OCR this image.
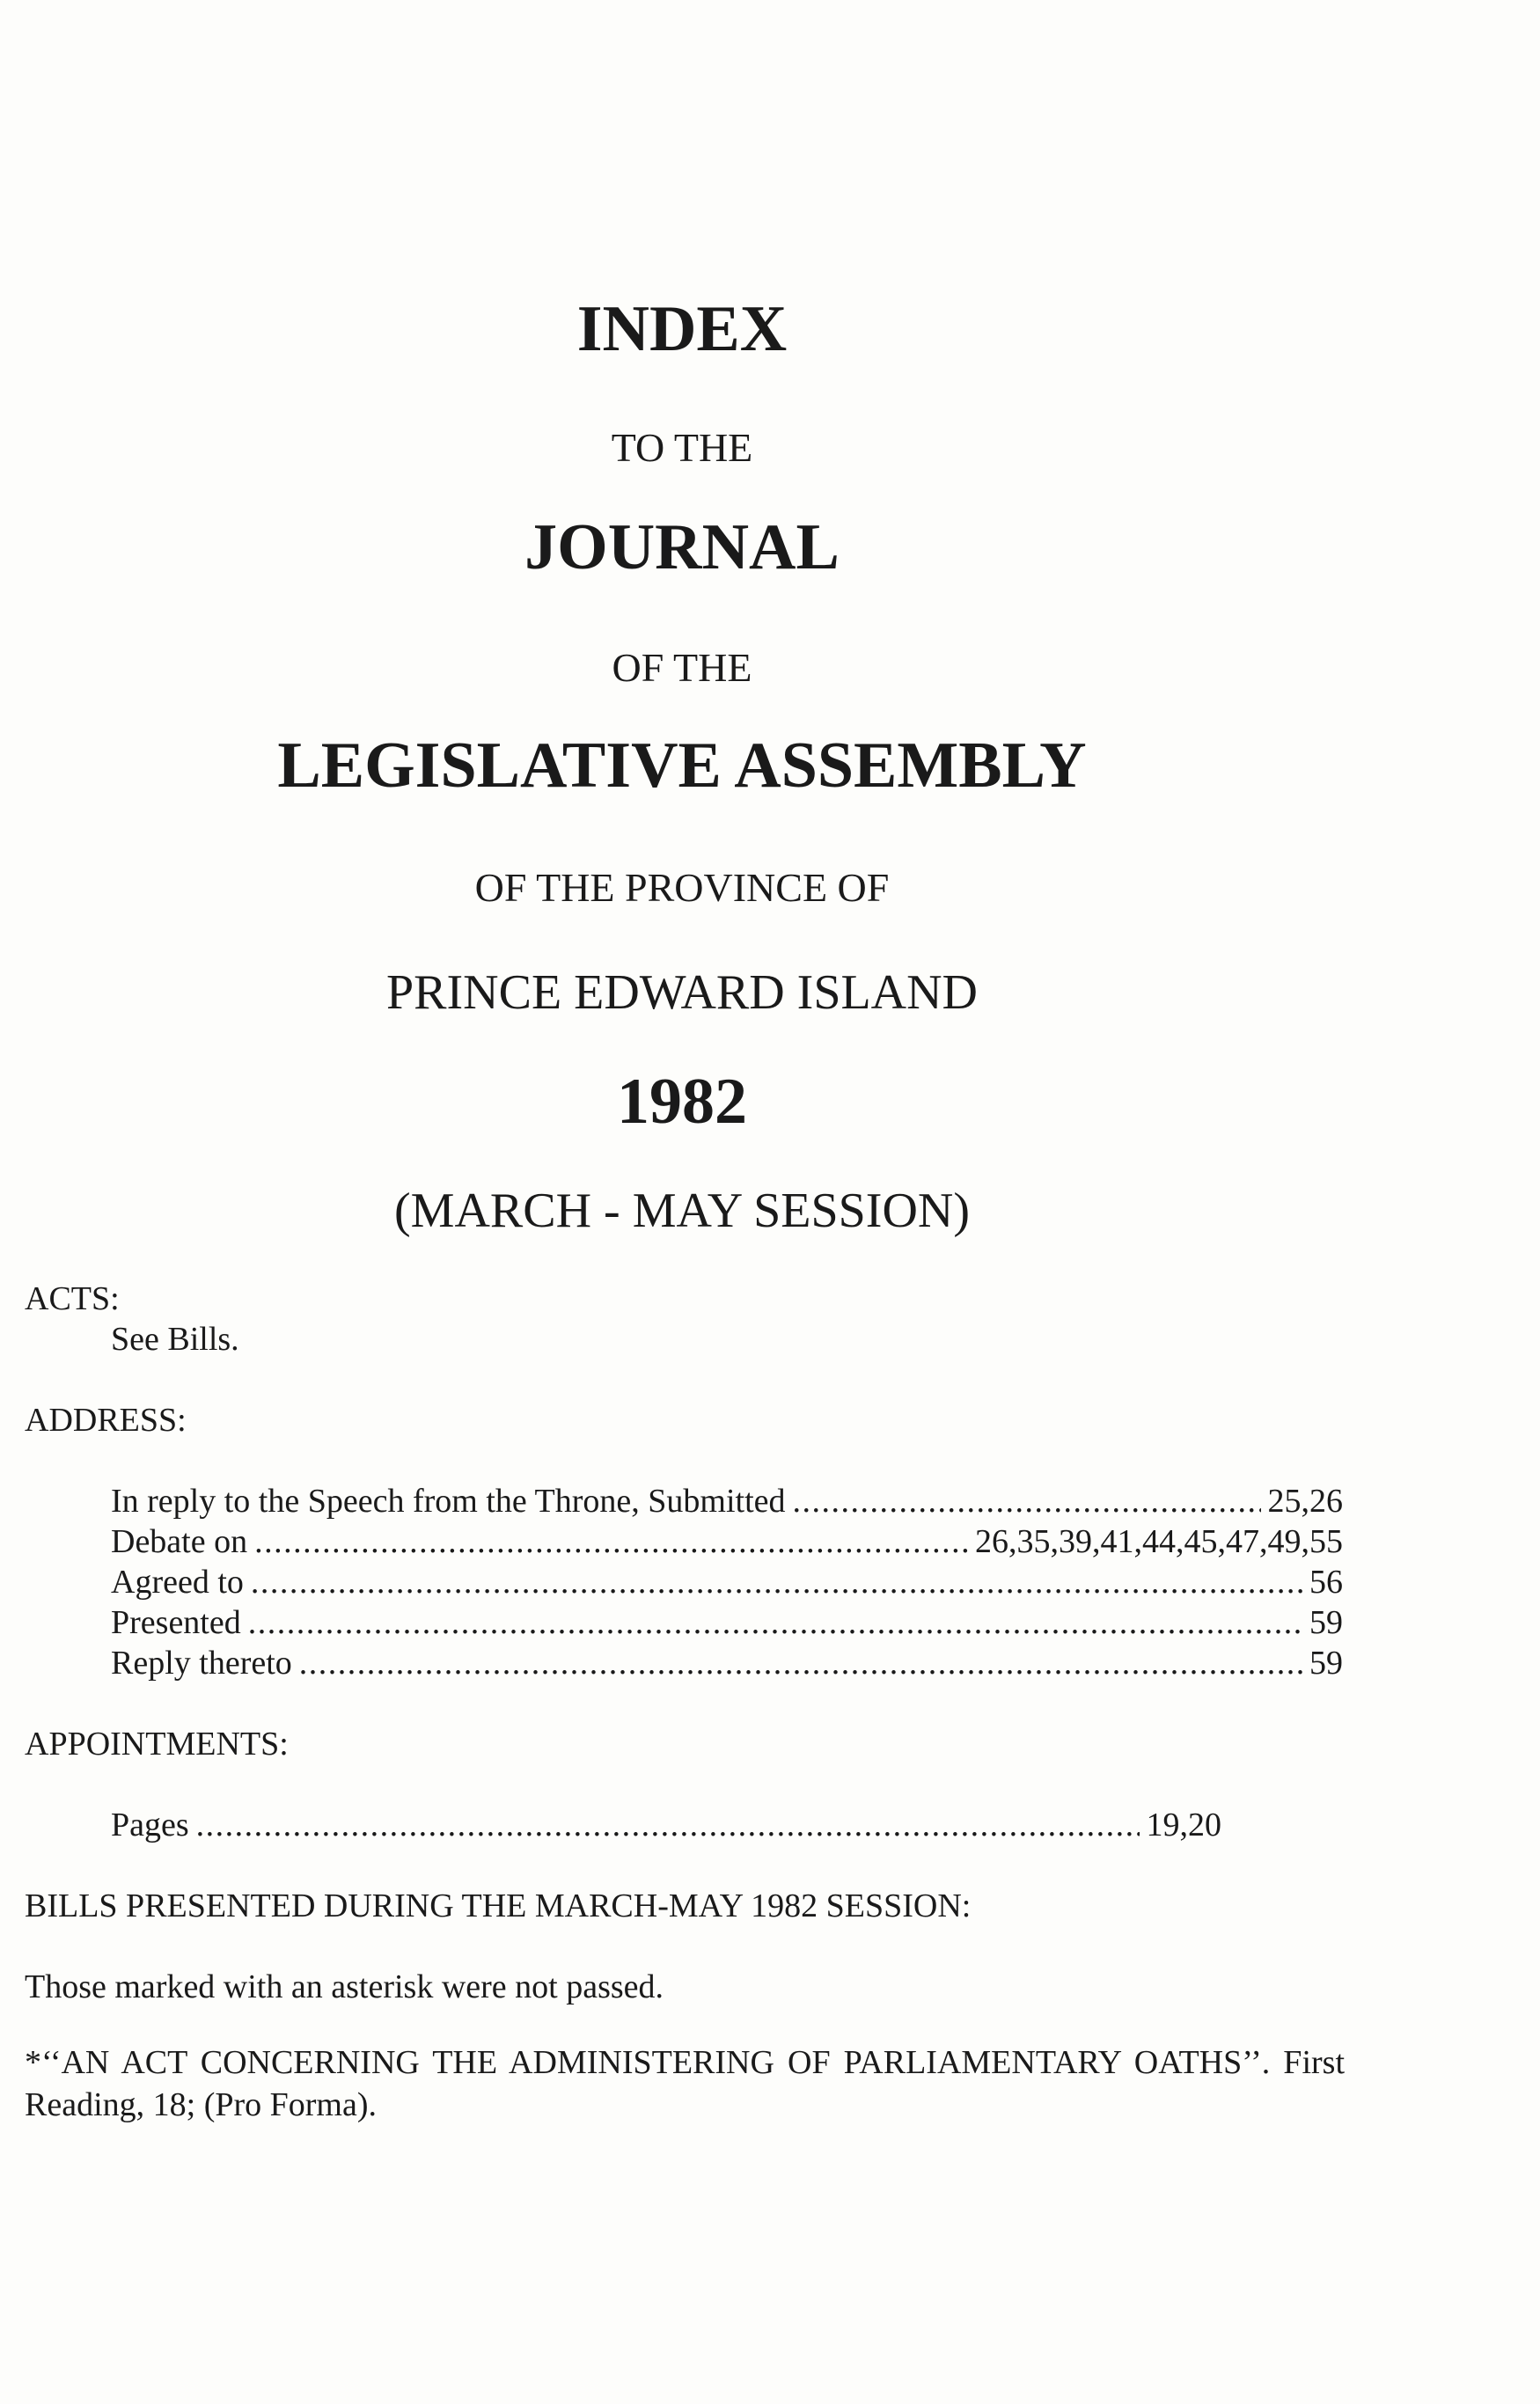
INDEX
TO THE
JOURNAL
OF THE
LEGISLATIVE ASSEMBLY
OF THE PROVINCE OF
PRINCE EDWARD ISLAND
1982
(MARCH - MAY SESSION)
ACTS:
See Bills.
ADDRESS:
In reply to the Speech from the Throne, Submitted . . .	25,26
Debate on . . .	26,35,39,41,44,45,47,49,55
Agreed to . . .	56
Presented . . .	59
Reply thereto . . .	59
APPOINTMENTS:
Pages . . .	19,20
BILLS PRESENTED DURING THE MARCH-MAY 1982 SESSION:
Those marked with an asterisk were not passed.
*‘‘AN ACT CONCERNING THE ADMINISTERING OF PARLIAMENTARY OATHS’’. First Reading, 18; (Pro Forma).
